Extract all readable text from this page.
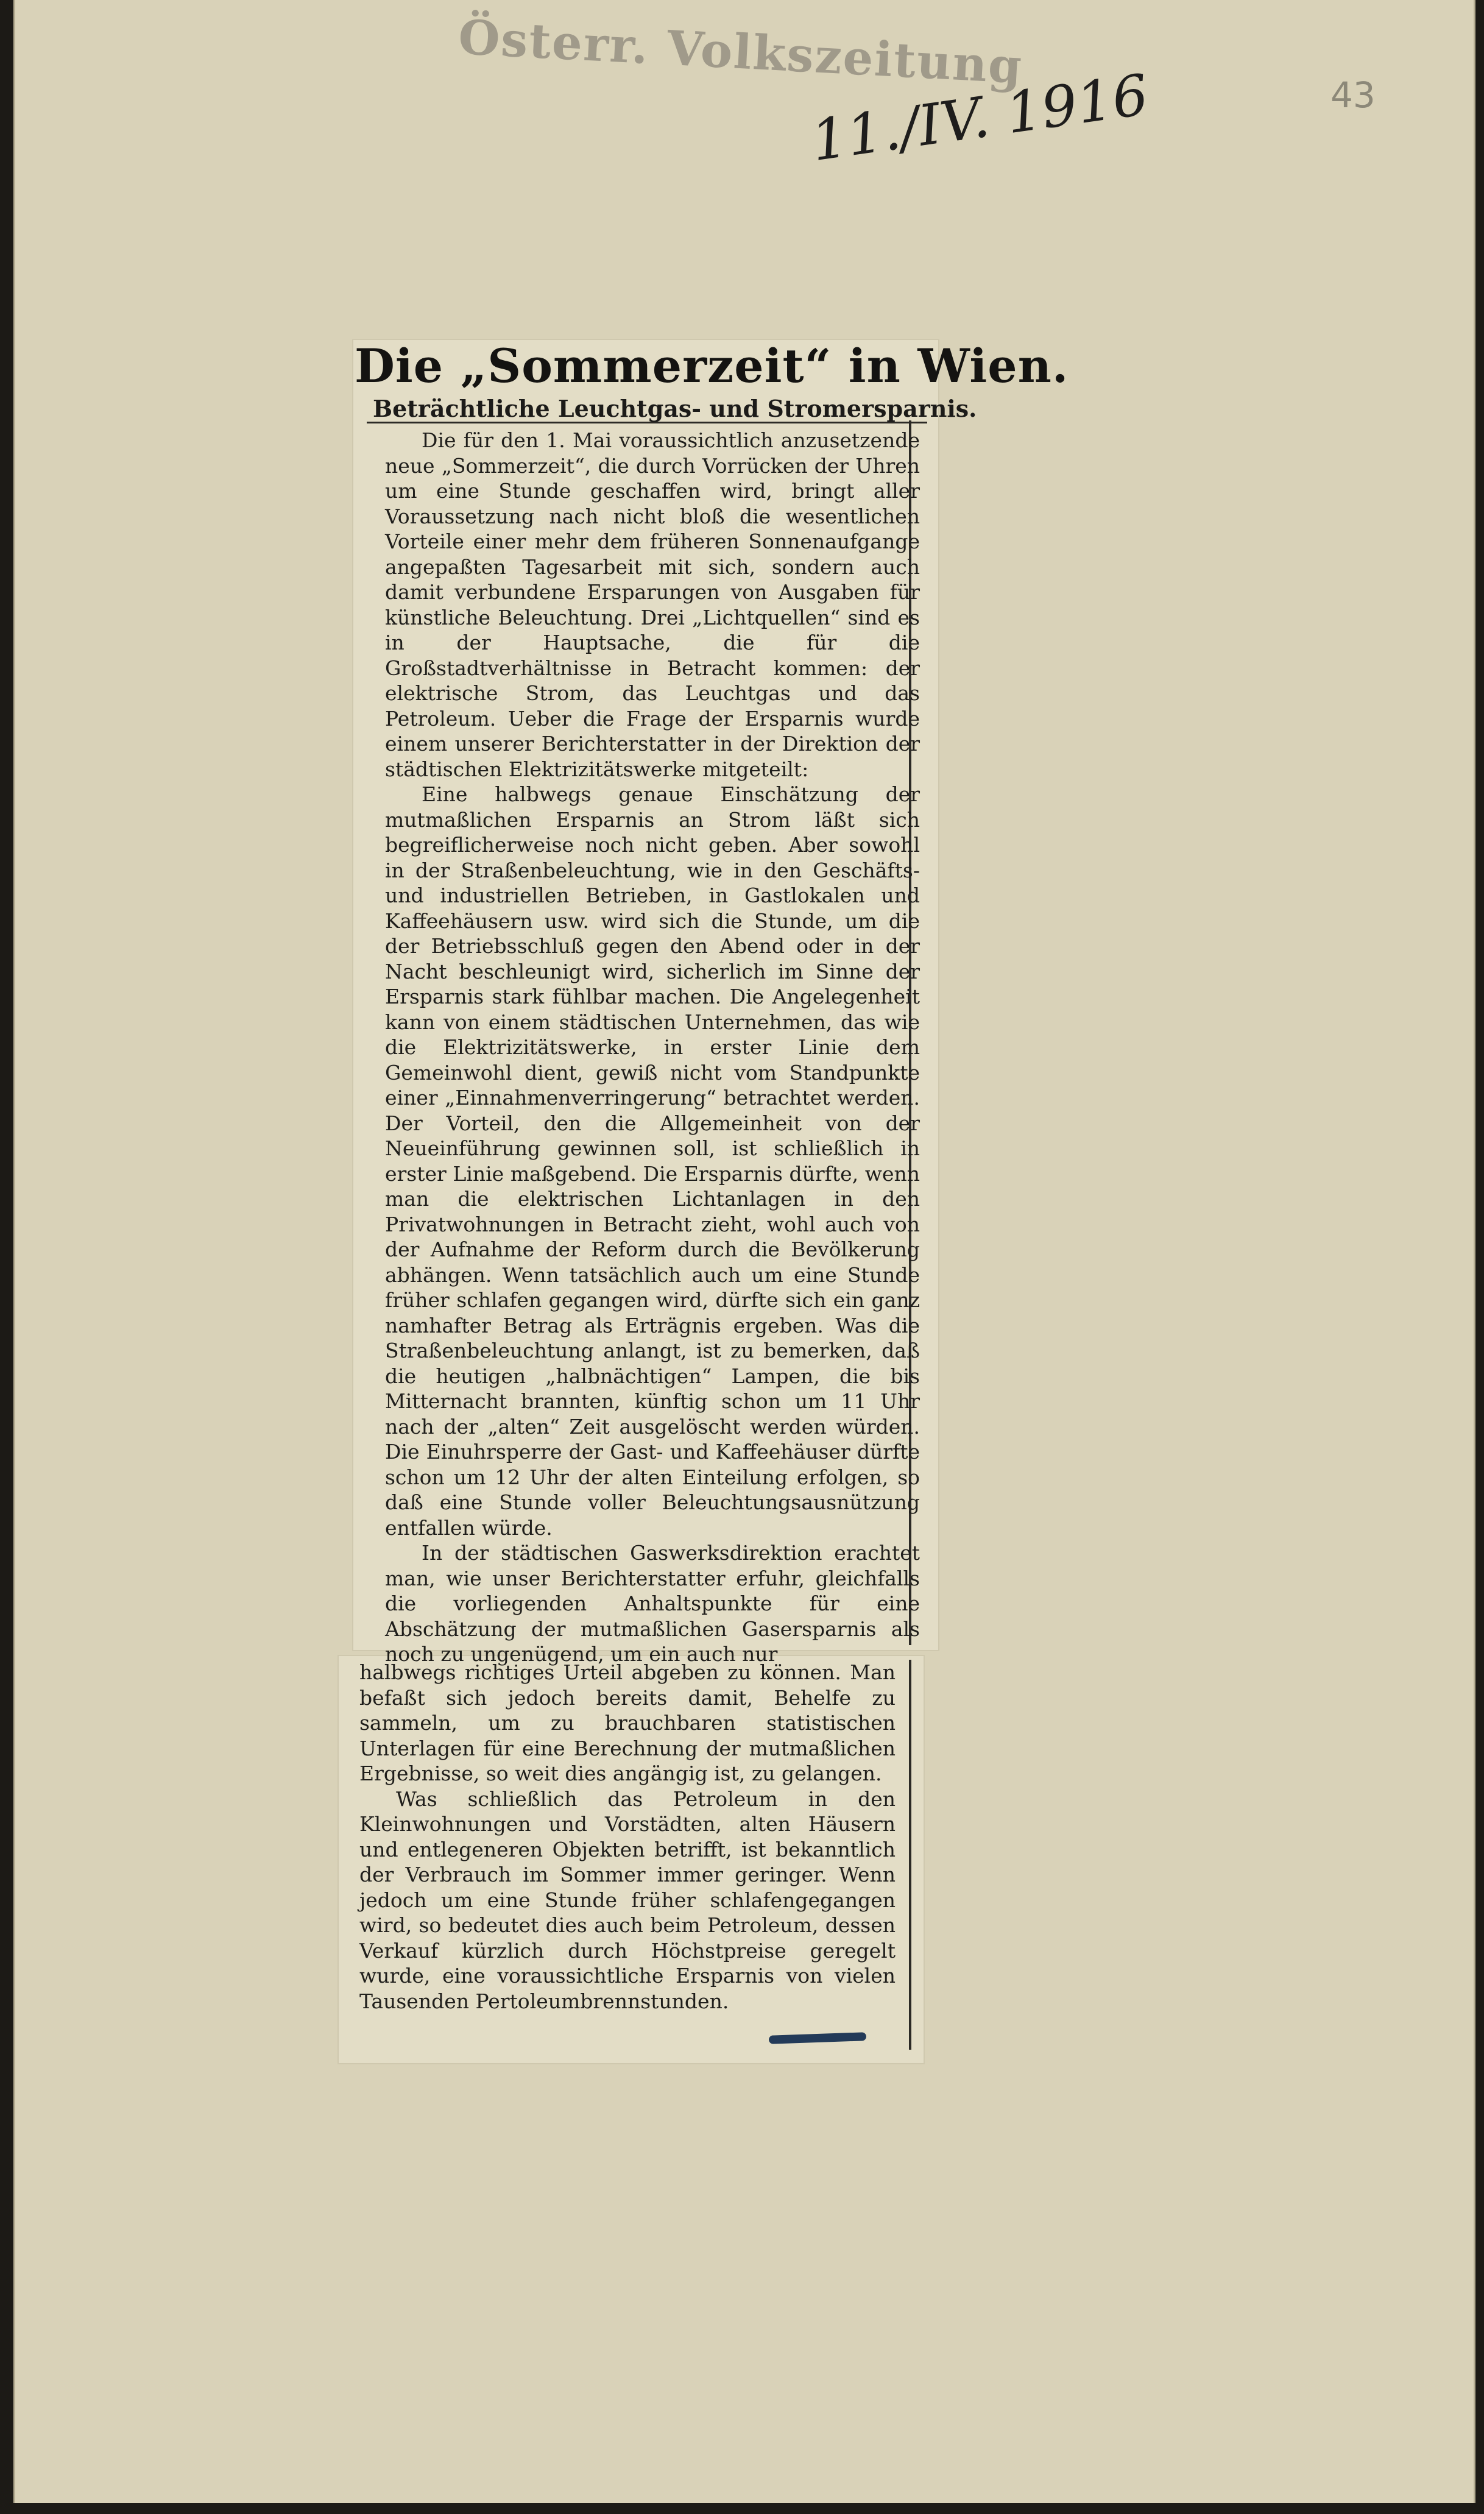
Österr. Volkszeitung
11./IV. 1916	43
Die „Sommerzeit“ in Wien.
Beträchtliche Leuchtgas- und Stromersparnis.

Die für den 1. Mai voraussichtlich anzusetzende neue „Sommerzeit“, die durch Vorrücken der Uhren um eine Stunde geschaffen wird, bringt aller Voraussetzung nach nicht bloß die wesentlichen Vorteile einer mehr dem früheren Sonnenaufgange angepaßten Tagesarbeit mit sich, sondern auch damit verbundene Ersparungen von Ausgaben für künstliche Beleuchtung. Drei „Lichtquellen“ sind es in der Hauptsache, die für die Großstadtverhältnisse in Betracht kommen: der elektrische Strom, das Leuchtgas und das Petroleum. Ueber die Frage der Ersparnis wurde einem unserer Berichterstatter in der Direktion der städtischen Elektrizitätswerke mitgeteilt:

Eine halbwegs genaue Einschätzung der mutmaßlichen Ersparnis an Strom läßt sich begreiflicherweise noch nicht geben. Aber sowohl in der Straßenbeleuchtung, wie in den Geschäfts- und industriellen Betrieben, in Gastlokalen und Kaffeehäusern usw. wird sich die Stunde, um die der Betriebsschluß gegen den Abend oder in der Nacht beschleunigt wird, sicherlich im Sinne der Ersparnis stark fühlbar machen. Die Angelegenheit kann von einem städtischen Unternehmen, das wie die Elektrizitätswerke, in erster Linie dem Gemeinwohl dient, gewiß nicht vom Standpunkte einer „Einnahmenverringerung“ betrachtet werden. Der Vorteil, den die Allgemeinheit von der Neueinführung gewinnen soll, ist schließlich in erster Linie maßgebend. Die Ersparnis dürfte, wenn man die elektrischen Lichtanlagen in den Privatwohnungen in Betracht zieht, wohl auch von der Aufnahme der Reform durch die Bevölkerung abhängen. Wenn tatsächlich auch um eine Stunde früher schlafen gegangen wird, dürfte sich ein ganz namhafter Betrag als Erträgnis ergeben. Was die Straßenbeleuchtung anlangt, ist zu bemerken, daß die heutigen „halbnächtigen“ Lampen, die bis Mitternacht brannten, künftig schon um 11 Uhr nach der „alten“ Zeit ausgelöscht werden würden. Die Einuhrsperre der Gast- und Kaffeehäuser dürfte schon um 12 Uhr der alten Einteilung erfolgen, so daß eine Stunde voller Beleuchtungsausnützung entfallen würde.

In der städtischen Gaswerksdirektion erachtet man, wie unser Berichterstatter erfuhr, gleichfalls die vorliegenden Anhaltspunkte für eine Abschätzung der mutmaßlichen Gasersparnis als noch zu ungenügend, um ein auch nur

halbwegs richtiges Urteil abgeben zu können. Man befaßt sich jedoch bereits damit, Behelfe zu sammeln, um zu brauchbaren statistischen Unterlagen für eine Berechnung der mutmaßlichen Ergebnisse, so weit dies angängig ist, zu gelangen.

Was schließlich das Petroleum in den Kleinwohnungen und Vorstädten, alten Häusern und entlegeneren Objekten betrifft, ist bekanntlich der Verbrauch im Sommer immer geringer. Wenn jedoch um eine Stunde früher schlafengegangen wird, so bedeutet dies auch beim Petroleum, dessen Verkauf kürzlich durch Höchstpreise geregelt wurde, eine voraussichtliche Ersparnis von vielen Tausenden Pertoleumbrennstunden.
